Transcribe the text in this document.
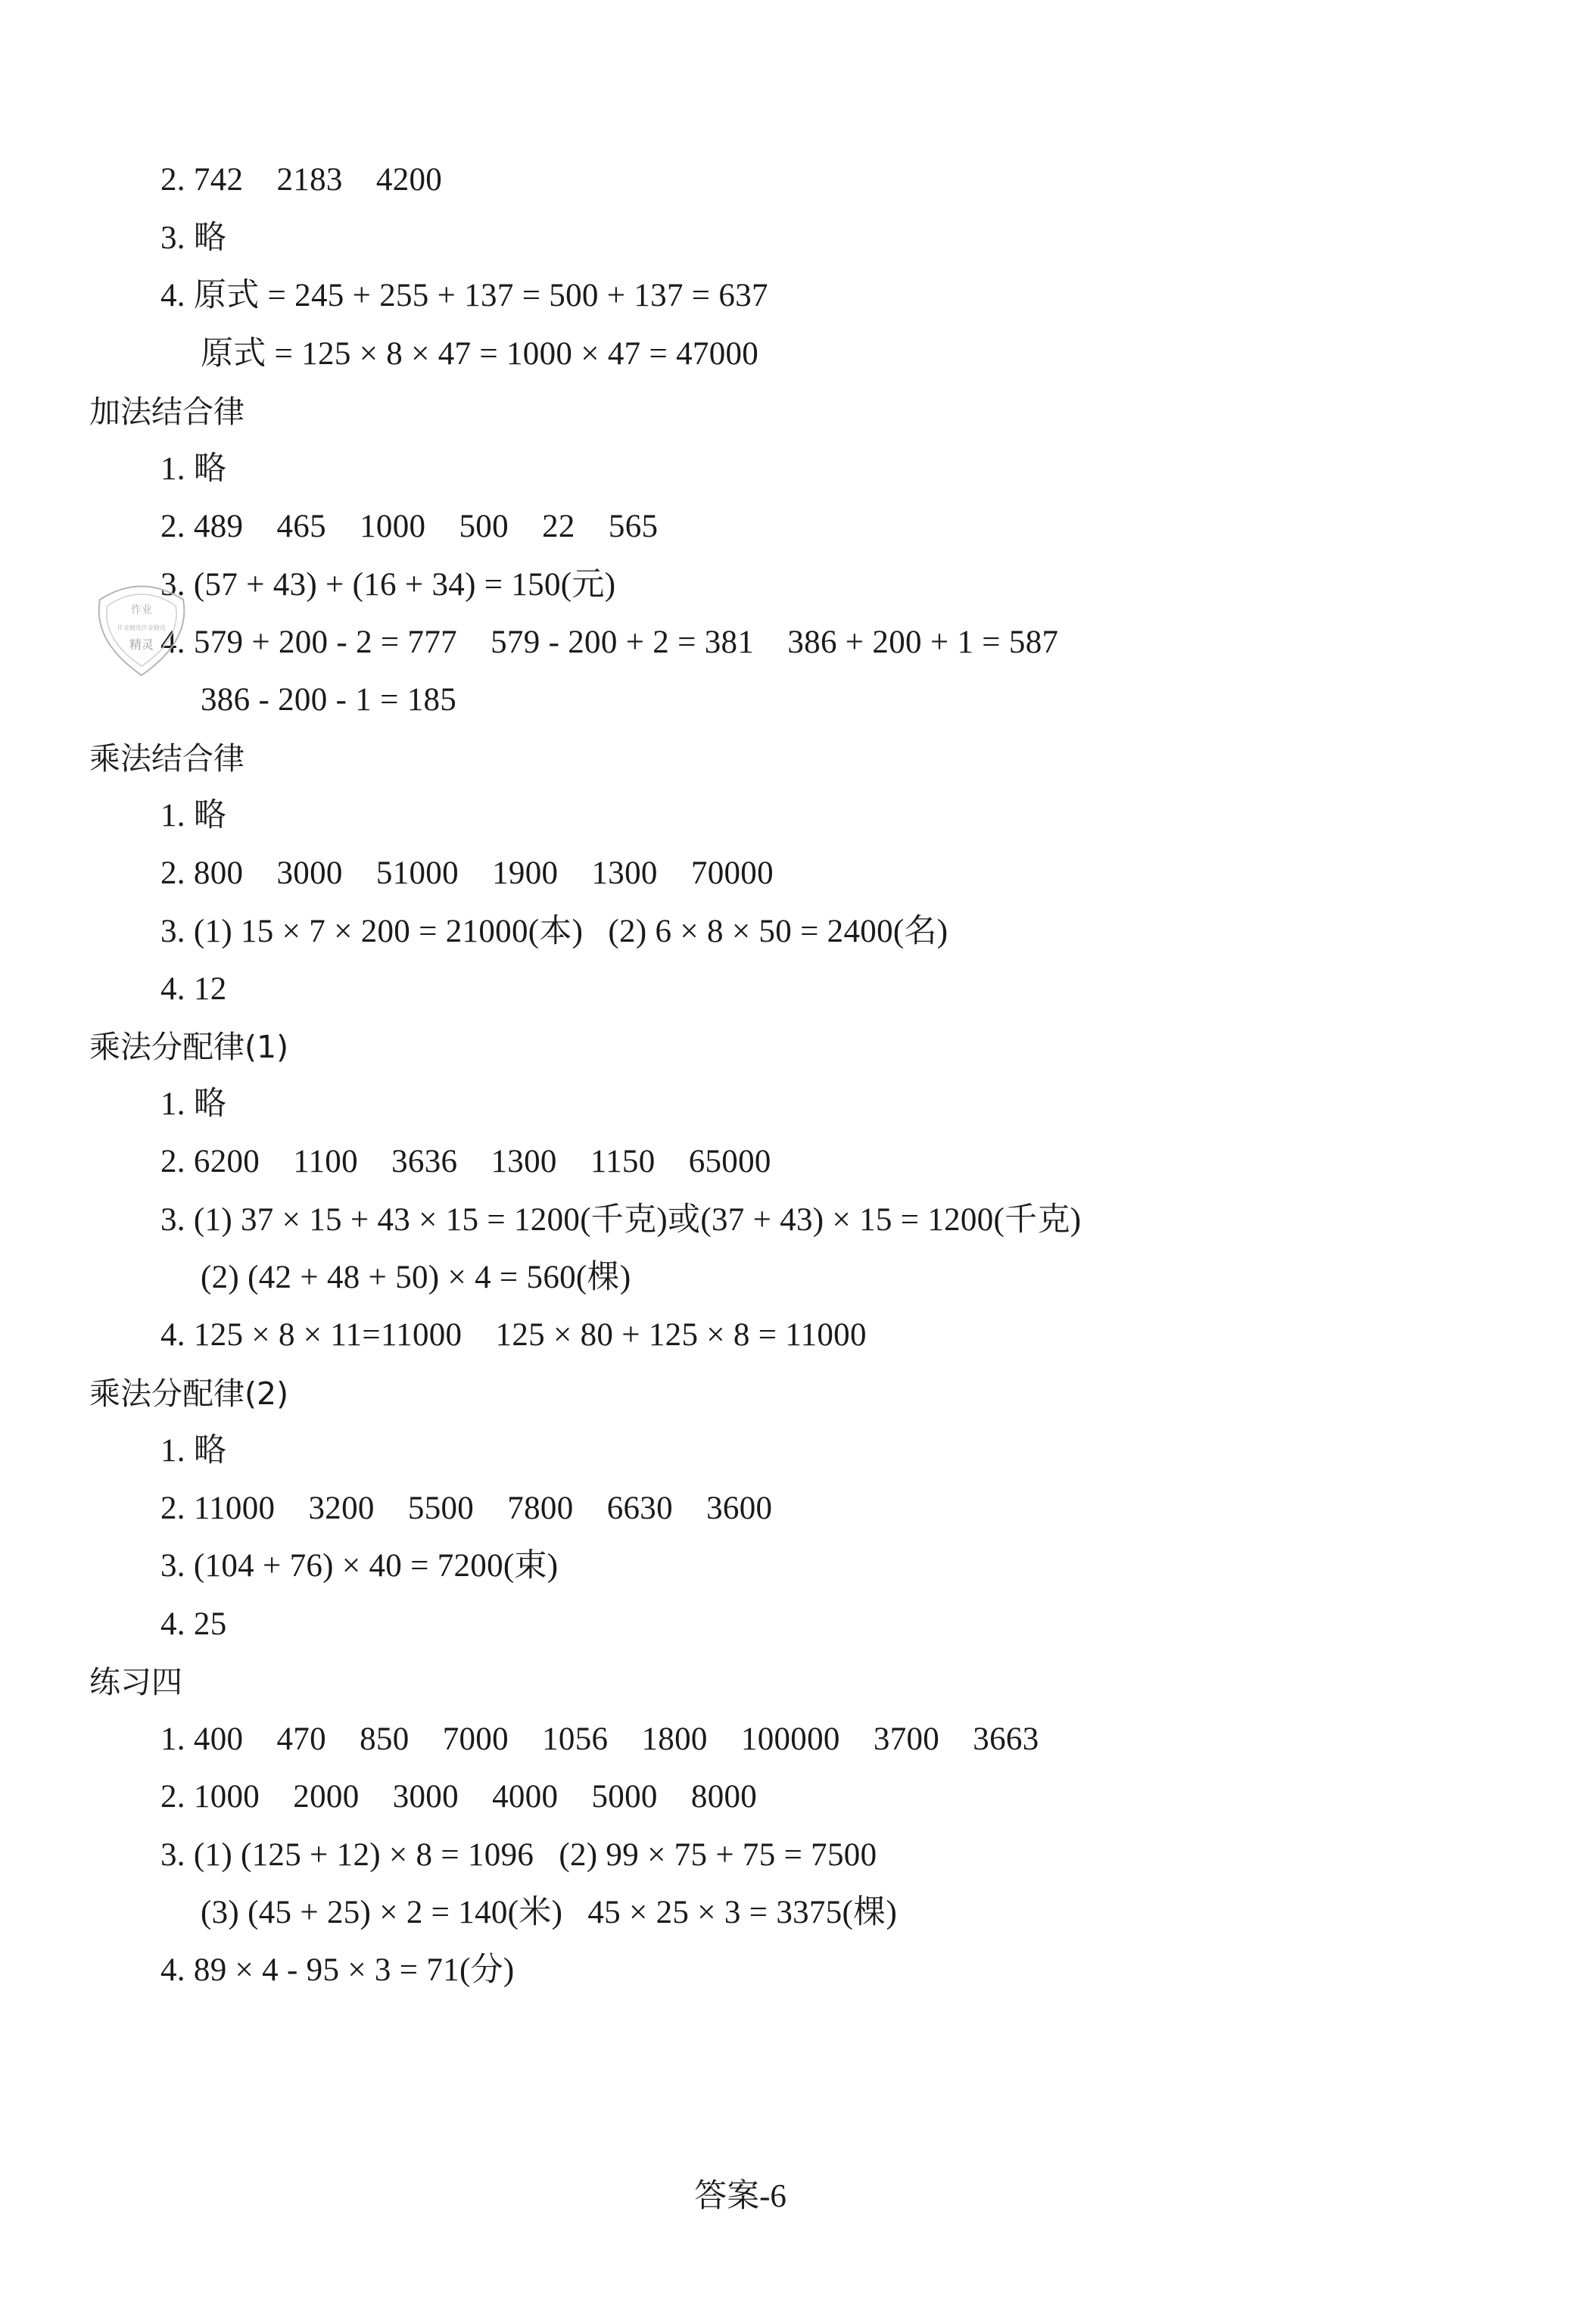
2. 742    2183    4200
3. 略
4. 原式 = 245 + 255 + 137 = 500 + 137 = 637
原式 = 125 × 8 × 47 = 1000 × 47 = 47000
加法结合律
1. 略
2. 489    465    1000    500    22    565
3. (57 + 43) + (16 + 34) = 150(元)
4. 579 + 200 - 2 = 777    579 - 200 + 2 = 381    386 + 200 + 1 = 587
386 - 200 - 1 = 185
乘法结合律
1. 略
2. 800    3000    51000    1900    1300    70000
3. (1) 15 × 7 × 200 = 21000(本)   (2) 6 × 8 × 50 = 2400(名)
4. 12
乘法分配律(1)
1. 略
2. 6200    1100    3636    1300    1150    65000
3. (1) 37 × 15 + 43 × 15 = 1200(千克)或(37 + 43) × 15 = 1200(千克)
(2) (42 + 48 + 50) × 4 = 560(棵)
4. 125 × 8 × 11=11000    125 × 80 + 125 × 8 = 11000
乘法分配律(2)
1. 略
2. 11000    3200    5500    7800    6630    3600
3. (104 + 76) × 40 = 7200(束)
4. 25
练习四
1. 400    470    850    7000    1056    1800    100000    3700    3663
2. 1000    2000    3000    4000    5000    8000
3. (1) (125 + 12) × 8 = 1096   (2) 99 × 75 + 75 = 7500
(3) (45 + 25) × 2 = 140(米)   45 × 25 × 3 = 3375(棵)
4. 89 × 4 - 95 × 3 = 71(分)
作业
作业精选作业精选
精灵
答案-6
